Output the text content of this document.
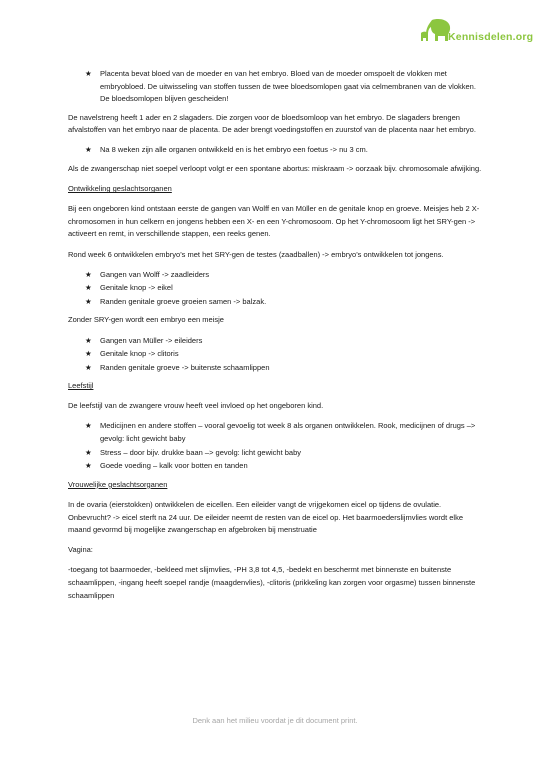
Kennisdelen.org
★ Placenta bevat bloed van de moeder en van het embryo. Bloed van de moeder omspoelt de vlokken met embryobloed. De uitwisseling van stoffen tussen de twee bloedsomlopen gaat via celmembranen van de vlokken. De bloedsomlopen blijven gescheiden!

De navelstreng heeft 1 ader en 2 slagaders. Die zorgen voor de bloedsomloop van het embryo. De slagaders brengen afvalstoffen van het embryo naar de placenta. De ader brengt voedingstoffen en zuurstof van de placenta naar het embryo.

★ Na 8 weken zijn alle organen ontwikkeld en is het embryo een foetus -> nu 3 cm.

Als de zwangerschap niet soepel verloopt volgt er een spontane abortus: miskraam -> oorzaak bijv. chromosomale afwijking.

Ontwikkeling geslachtsorganen

Bij een ongeboren kind ontstaan eerste de gangen van Wolff en van Müller en de genitale knop en groeve. Meisjes heb 2 X-chromosomen in hun celkern en jongens hebben een X- en een Y-chromosoom. Op het Y-chromosoom ligt het SRY-gen -> activeert en remt, in verschillende stappen, een reeks genen.

Rond week 6 ontwikkelen embryo’s met het SRY-gen de testes (zaadballen) -> embryo’s ontwikkelen tot jongens.

★ Gangen van Wolff -> zaadleiders
★ Genitale knop -> eikel
★ Randen genitale groeve groeien samen -> balzak.

Zonder SRY-gen wordt een embryo een meisje

★ Gangen van Müller -> eileiders
★ Genitale knop -> clitoris
★ Randen genitale groeve -> buitenste schaamlippen

Leefstijl

De leefstijl van de zwangere vrouw heeft veel invloed op het ongeboren kind.

★ Medicijnen en andere stoffen – vooral gevoelig tot week 8 als organen ontwikkelen. Rook, medicijnen of drugs –> gevolg: licht gewicht baby
★ Stress – door bijv. drukke baan –> gevolg: licht gewicht baby
★ Goede voeding – kalk voor botten en tanden

Vrouwelijke geslachtsorganen

In de ovaria (eierstokken) ontwikkelen de eicellen. Een eileider vangt de vrijgekomen eicel op tijdens de ovulatie. Onbevrucht? -> eicel sterft na 24 uur. De eileider neemt de resten van de eicel op. Het baarmoederslijmvlies wordt elke maand gevormd bij mogelijke zwangerschap en afgebroken bij menstruatie

Vagina:

-toegang tot baarmoeder, -bekleed met slijmvlies, -PH 3,8 tot 4,5, -bedekt en beschermt met binnenste en buitenste schaamlippen, -ingang heeft soepel randje (maagdenvlies), -clitoris (prikkeling kan zorgen voor orgasme) tussen binnenste schaamlippen

Denk aan het milieu voordat je dit document print.
